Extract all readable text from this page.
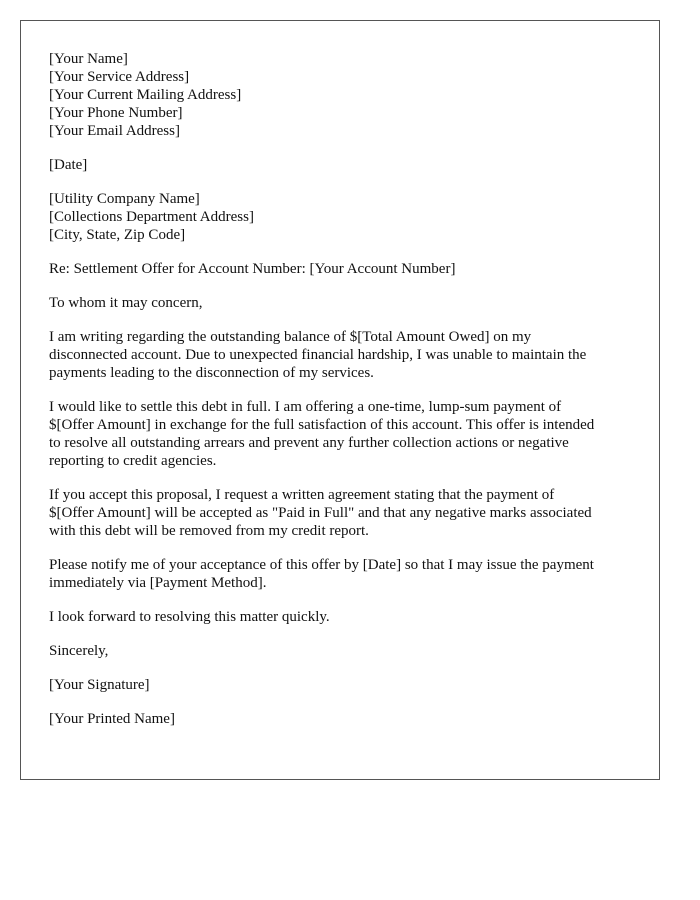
[Your Name]
[Your Service Address]
[Your Current Mailing Address]
[Your Phone Number]
[Your Email Address]
[Date]
[Utility Company Name]
[Collections Department Address]
[City, State, Zip Code]

Re: Settlement Offer for Account Number: [Your Account Number]

To whom it may concern,

I am writing regarding the outstanding balance of $[Total Amount Owed] on my
disconnected account. Due to unexpected financial hardship, I was unable to maintain the
payments leading to the disconnection of my services.

I would like to settle this debt in full. I am offering a one-time, lump-sum payment of
$[Offer Amount] in exchange for the full satisfaction of this account. This offer is intended
to resolve all outstanding arrears and prevent any further collection actions or negative
reporting to credit agencies.

If you accept this proposal, I request a written agreement stating that the payment of
$[Offer Amount] will be accepted as "Paid in Full" and that any negative marks associated
with this debt will be removed from my credit report.

Please notify me of your acceptance of this offer by [Date] so that I may issue the payment
immediately via [Payment Method].

I look forward to resolving this matter quickly.

Sincerely,

[Your Signature]

[Your Printed Name]
